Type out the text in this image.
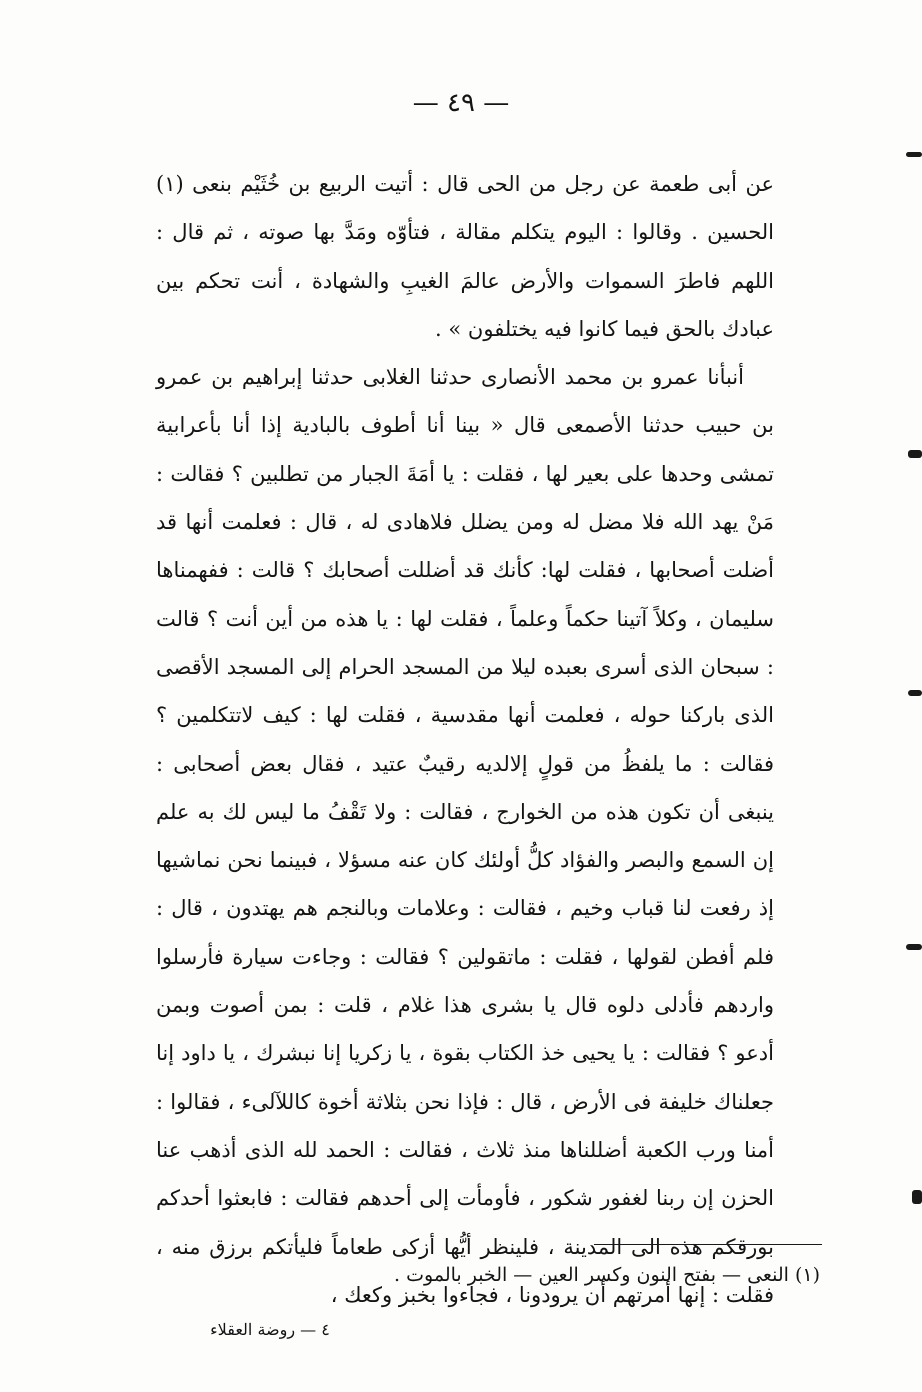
— ٤٩ —

عن أبى طعمة عن رجل من الحى قال : أتيت الربيع بن خُثَيْم بنعى (١) الحسين . وقالوا : اليوم يتكلم مقالة ، فتأوّه ومَدَّ بها صوته ، ثم قال : اللهم فاطرَ السموات والأرض عالمَ الغيبِ والشهادة ، أنت تحكم بين عبادك بالحق فيما كانوا فيه يختلفون » .

أنبأنا عمرو بن محمد الأنصارى حدثنا الغلابى حدثنا إبراهيم بن عمرو بن حبيب حدثنا الأصمعى قال « بينا أنا أطوف بالبادية إذا أنا بأعرابية تمشى وحدها على بعير لها ، فقلت : يا أمَةَ الجبار من تطلبين ؟ فقالت : مَنْ يهد الله فلا مضل له ومن يضلل فلاهادى له ، قال : فعلمت أنها قد أضلت أصحابها ، فقلت لها: كأنك قد أضللت أصحابك ؟ قالت : ففهمناها سليمان ، وكلاً آتينا حكماً وعلماً ، فقلت لها : يا هذه من أين أنت ؟ قالت : سبحان الذى أسرى بعبده ليلا من المسجد الحرام إلى المسجد الأقصى الذى باركنا حوله ، فعلمت أنها مقدسية ، فقلت لها : كيف لاتتكلمين ؟ فقالت : ما يلفظُ من قولٍ إلالديه رقيبٌ عتيد ، فقال بعض أصحابى : ينبغى أن تكون هذه من الخوارج ، فقالت : ولا تَقْفُ ما ليس لك به علم إن السمع والبصر والفؤاد كلُّ أولئك كان عنه مسؤلا ، فبينما نحن نماشيها إذ رفعت لنا قباب وخيم ، فقالت : وعلامات وبالنجم هم يهتدون ، قال : فلم أفطن لقولها ، فقلت : ماتقولين ؟ فقالت : وجاءت سيارة فأرسلوا واردهم فأدلى دلوه قال يا بشرى هذا غلام ، قلت : بمن أصوت وبمن أدعو ؟ فقالت : يا يحيى خذ الكتاب بقوة ، يا زكريا إنا نبشرك ، يا داود إنا جعلناك خليفة فى الأرض ، قال : فإذا نحن بثلاثة أخوة كاللآلىء ، فقالوا : أمنا ورب الكعبة أضللناها منذ ثلاث ، فقالت : الحمد لله الذى أذهب عنا الحزن إن ربنا لغفور شكور ، فأومأت إلى أحدهم فقالت : فابعثوا أحدكم بورقكم هذه الى المدينة ، فلينظر أيُّها أزكى طعاماً فليأتكم برزق منه ، فقلت : إنها أمرتهم أن يرودونا ، فجاءوا بخبز وكعك ،

(١) النعى — بفتح النون وكسر العين — الخبر بالموت .
٤ — روضة العقلاء
